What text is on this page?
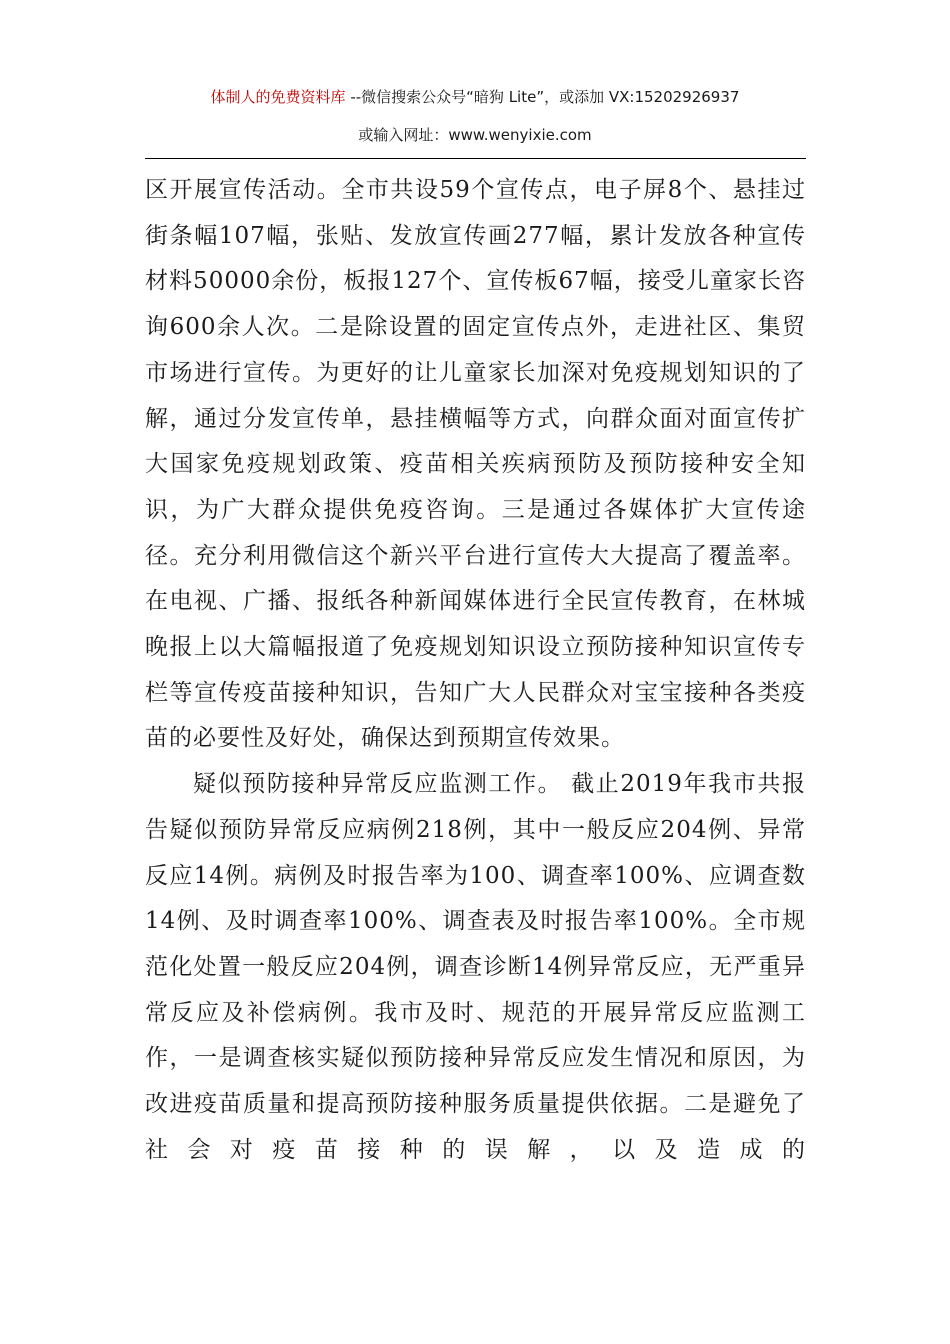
体制人的免费资料库 --微信搜索公众号“暗狗 Lite”，或添加 VX:15202926937
或输入网址：www.wenyixie.com

区开展宣传活动。全市共设59个宣传点，电子屏8个、悬挂过街条幅107幅，张贴、发放宣传画277幅，累计发放各种宣传材料50000余份，板报127个、宣传板67幅，接受儿童家长咨询600余人次。二是除设置的固定宣传点外，走进社区、集贸市场进行宣传。为更好的让儿童家长加深对免疫规划知识的了解，通过分发宣传单，悬挂横幅等方式，向群众面对面宣传扩大国家免疫规划政策、疫苗相关疾病预防及预防接种安全知识，为广大群众提供免疫咨询。三是通过各媒体扩大宣传途径。充分利用微信这个新兴平台进行宣传大大提高了覆盖率。在电视、广播、报纸各种新闻媒体进行全民宣传教育，在林城晚报上以大篇幅报道了免疫规划知识设立预防接种知识宣传专栏等宣传疫苗接种知识，告知广大人民群众对宝宝接种各类疫苗的必要性及好处，确保达到预期宣传效果。

疑似预防接种异常反应监测工作。 截止2019年我市共报告疑似预防异常反应病例218例，其中一般反应204例、异常反应14例。病例及时报告率为100、调查率100%、应调查数14例、及时调查率100%、调查表及时报告率100%。全市规范化处置一般反应204例，调查诊断14例异常反应，无严重异常反应及补偿病例。我市及时、规范的开展异常反应监测工作，一是调查核实疑似预防接种异常反应发生情况和原因，为改进疫苗质量和提高预防接种服务质量提供依据。二是避免了社会对疫苗接种的误解，以及造成的
